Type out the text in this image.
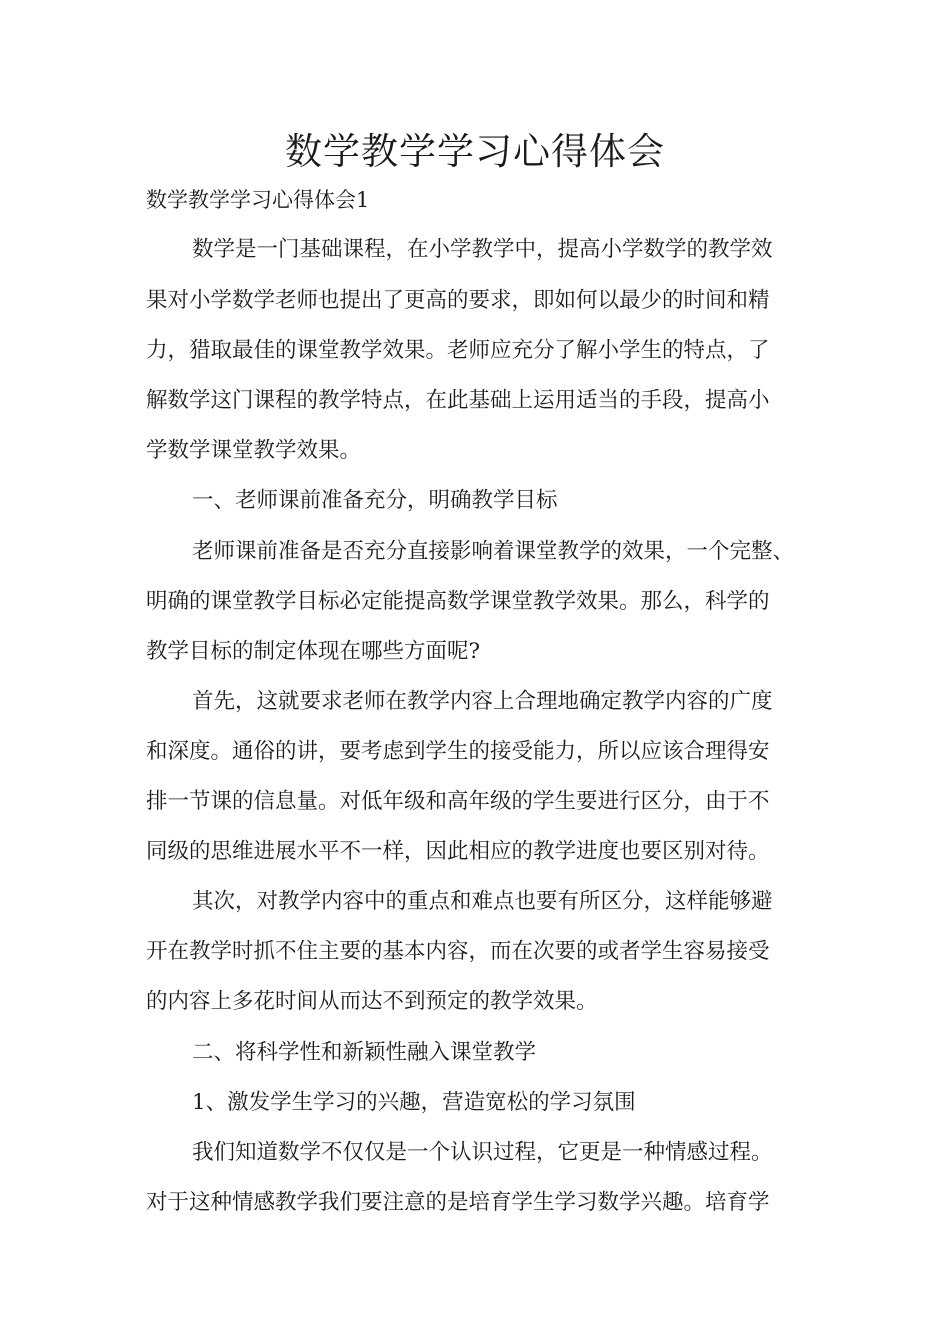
数学教学学习心得体会

数学教学学习心得体会1

数学是一门基础课程，在小学教学中，提高小学数学的教学效

果对小学数学老师也提出了更高的要求，即如何以最少的时间和精

力，猎取最佳的课堂教学效果。老师应充分了解小学生的特点，了

解数学这门课程的教学特点，在此基础上运用适当的手段，提高小

学数学课堂教学效果。

一、老师课前准备充分，明确教学目标

老师课前准备是否充分直接影响着课堂教学的效果，一个完整、

明确的课堂教学目标必定能提高数学课堂教学效果。那么，科学的

教学目标的制定体现在哪些方面呢?

首先，这就要求老师在教学内容上合理地确定教学内容的广度

和深度。通俗的讲，要考虑到学生的接受能力，所以应该合理得安

排一节课的信息量。对低年级和高年级的学生要进行区分，由于不

同级的思维进展水平不一样，因此相应的教学进度也要区别对待。

其次，对教学内容中的重点和难点也要有所区分，这样能够避

开在教学时抓不住主要的基本内容，而在次要的或者学生容易接受

的内容上多花时间从而达不到预定的教学效果。

二、将科学性和新颖性融入课堂教学

1、激发学生学习的兴趣，营造宽松的学习氛围

我们知道数学不仅仅是一个认识过程，它更是一种情感过程。

对于这种情感教学我们要注意的是培育学生学习数学兴趣。培育学
